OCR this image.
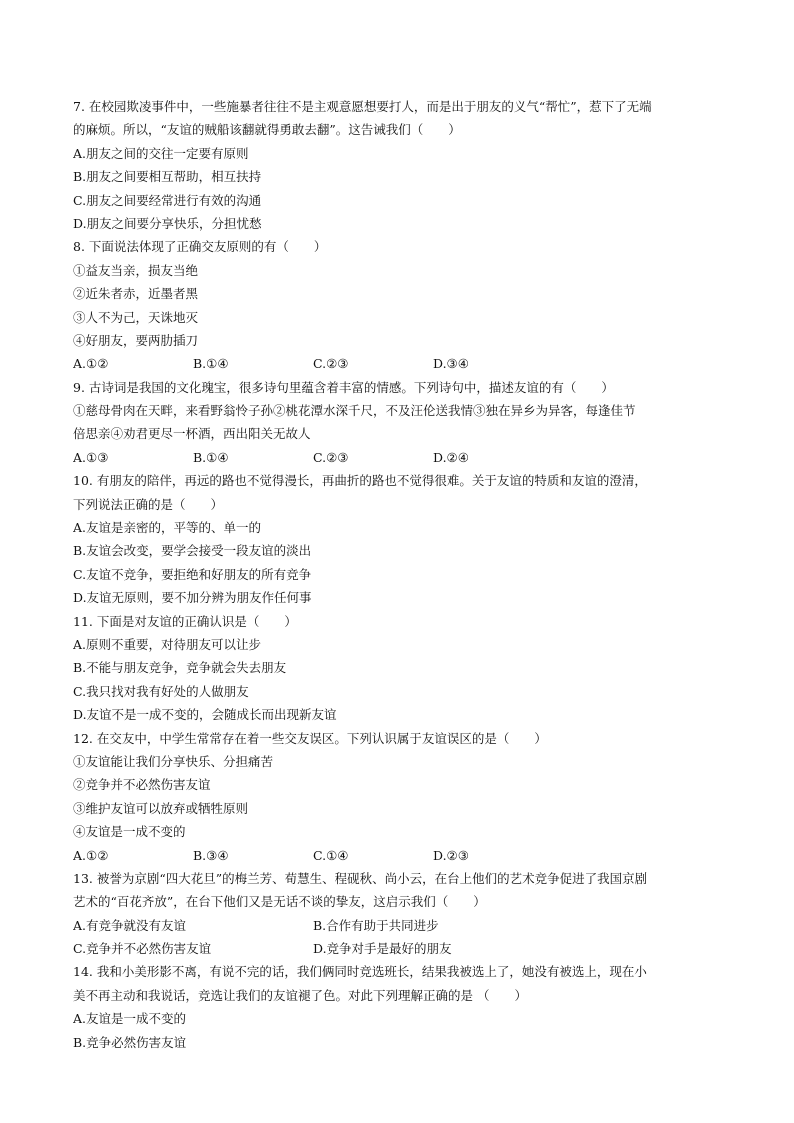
7. 在校园欺凌事件中，一些施暴者往往不是主观意愿想要打人，而是出于朋友的义气“帮忙”，惹下了无端
的麻烦。所以，“友谊的贼船该翻就得勇敢去翻”。这告诫我们（　　）
A.朋友之间的交往一定要有原则
B.朋友之间要相互帮助，相互扶持
C.朋友之间要经常进行有效的沟通
D.朋友之间要分享快乐，分担忧愁
8. 下面说法体现了正确交友原则的有（　　）
①益友当亲，损友当绝
②近朱者赤，近墨者黑
③人不为己，天诛地灭
④好朋友，要两肋插刀
A.①②	B.①④	C.②③	D.③④
9. 古诗词是我国的文化瑰宝，很多诗句里蕴含着丰富的情感。下列诗句中，描述友谊的有（　　）
①慈母骨肉在天畔，来看野翁怜子孙②桃花潭水深千尺，不及汪伦送我情③独在异乡为异客，每逢佳节
倍思亲④劝君更尽一杯酒，西出阳关无故人
A.①③	B.①④	C.②③	D.②④
10. 有朋友的陪伴，再远的路也不觉得漫长，再曲折的路也不觉得很难。关于友谊的特质和友谊的澄清，
下列说法正确的是（　　）
A.友谊是亲密的，平等的、单一的
B.友谊会改变，要学会接受一段友谊的淡出
C.友谊不竞争，要拒绝和好朋友的所有竞争
D.友谊无原则，要不加分辨为朋友作任何事
11. 下面是对友谊的正确认识是（　　）
A.原则不重要，对待朋友可以让步
B.不能与朋友竞争，竞争就会失去朋友
C.我只找对我有好处的人做朋友
D.友谊不是一成不变的，会随成长而出现新友谊
12. 在交友中，中学生常常存在着一些交友误区。下列认识属于友谊误区的是（　　）
①友谊能让我们分享快乐、分担痛苦
②竞争并不必然伤害友谊
③维护友谊可以放弃或牺牲原则
④友谊是一成不变的
A.①②	B.③④	C.①④	D.②③
13. 被誉为京剧“四大花旦”的梅兰芳、荀慧生、程砚秋、尚小云，在台上他们的艺术竞争促进了我国京剧
艺术的“百花齐放”，在台下他们又是无话不谈的挚友，这启示我们（　　）
A.有竞争就没有友谊	B.合作有助于共同进步
C.竞争并不必然伤害友谊	D.竞争对手是最好的朋友
14. 我和小美形影不离，有说不完的话，我们俩同时竞选班长，结果我被选上了，她没有被选上，现在小
美不再主动和我说话，竞选让我们的友谊褪了色。对此下列理解正确的是 （　　）
A.友谊是一成不变的
B.竞争必然伤害友谊
